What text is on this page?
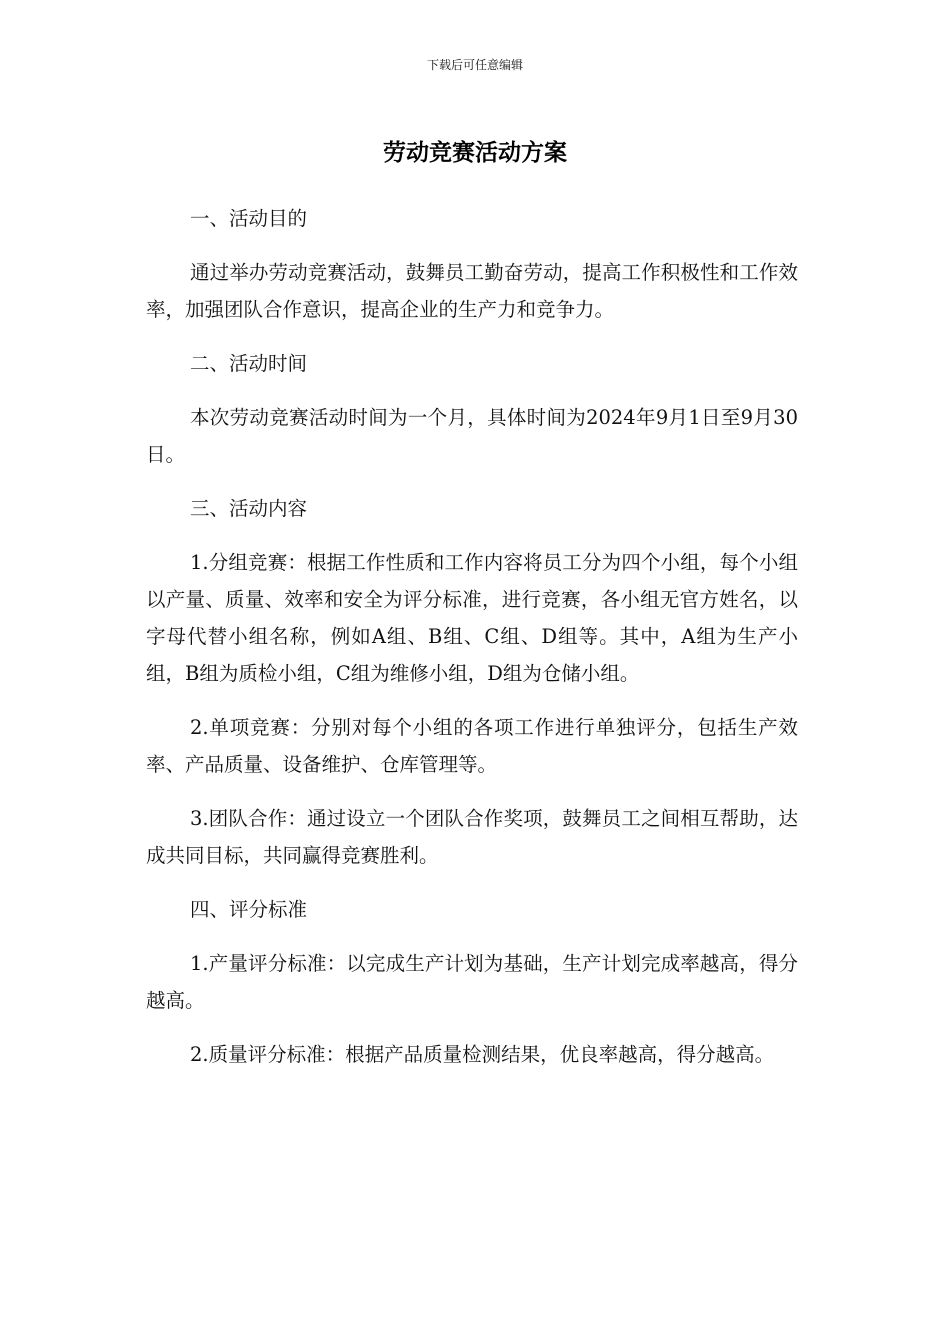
下载后可任意编辑
劳动竞赛活动方案

一、活动目的

通过举办劳动竞赛活动，鼓舞员工勤奋劳动，提高工作积极性和工作效率，加强团队合作意识，提高企业的生产力和竞争力。

二、活动时间

本次劳动竞赛活动时间为一个月，具体时间为2024年9月1日至9月30日。

三、活动内容

1.分组竞赛：根据工作性质和工作内容将员工分为四个小组，每个小组以产量、质量、效率和安全为评分标准，进行竞赛，各小组无官方姓名，以字母代替小组名称，例如A组、B组、C组、D组等。其中，A组为生产小组，B组为质检小组，C组为维修小组，D组为仓储小组。

2.单项竞赛：分别对每个小组的各项工作进行单独评分，包括生产效率、产品质量、设备维护、仓库管理等。

3.团队合作：通过设立一个团队合作奖项，鼓舞员工之间相互帮助，达成共同目标，共同赢得竞赛胜利。

四、评分标准

1.产量评分标准：以完成生产计划为基础，生产计划完成率越高，得分越高。

2.质量评分标准：根据产品质量检测结果，优良率越高，得分越高。
